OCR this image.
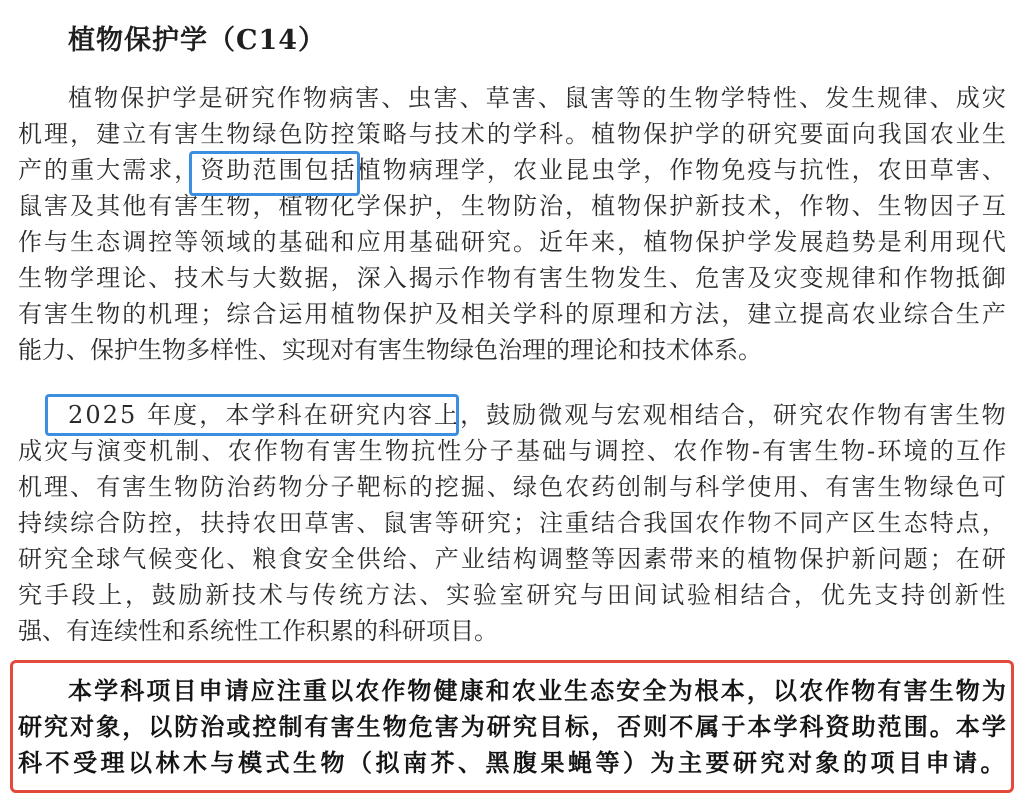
植物保护学（C14）
植物保护学是研究作物病害、虫害、草害、鼠害等的生物学特性、发生规律、成灾
机理，建立有害生物绿色防控策略与技术的学科。植物保护学的研究要面向我国农业生
产的重大需求，资助范围包括植物病理学，农业昆虫学，作物免疫与抗性，农田草害、
鼠害及其他有害生物，植物化学保护，生物防治，植物保护新技术，作物、生物因子互
作与生态调控等领域的基础和应用基础研究。近年来，植物保护学发展趋势是利用现代
生物学理论、技术与大数据，深入揭示作物有害生物发生、危害及灾变规律和作物抵御
有害生物的机理；综合运用植物保护及相关学科的原理和方法，建立提高农业综合生产
能力、保护生物多样性、实现对有害生物绿色治理的理论和技术体系。
2025 年度，本学科在研究内容上，鼓励微观与宏观相结合，研究农作物有害生物
成灾与演变机制、农作物有害生物抗性分子基础与调控、农作物-有害生物-环境的互作
机理、有害生物防治药物分子靶标的挖掘、绿色农药创制与科学使用、有害生物绿色可
持续综合防控，扶持农田草害、鼠害等研究；注重结合我国农作物不同产区生态特点，
研究全球气候变化、粮食安全供给、产业结构调整等因素带来的植物保护新问题；在研
究手段上，鼓励新技术与传统方法、实验室研究与田间试验相结合，优先支持创新性
强、有连续性和系统性工作积累的科研项目。
本学科项目申请应注重以农作物健康和农业生态安全为根本，以农作物有害生物为
研究对象，以防治或控制有害生物危害为研究目标，否则不属于本学科资助范围。本学
科不受理以林木与模式生物（拟南芥、黑腹果蝇等）为主要研究对象的项目申请。
